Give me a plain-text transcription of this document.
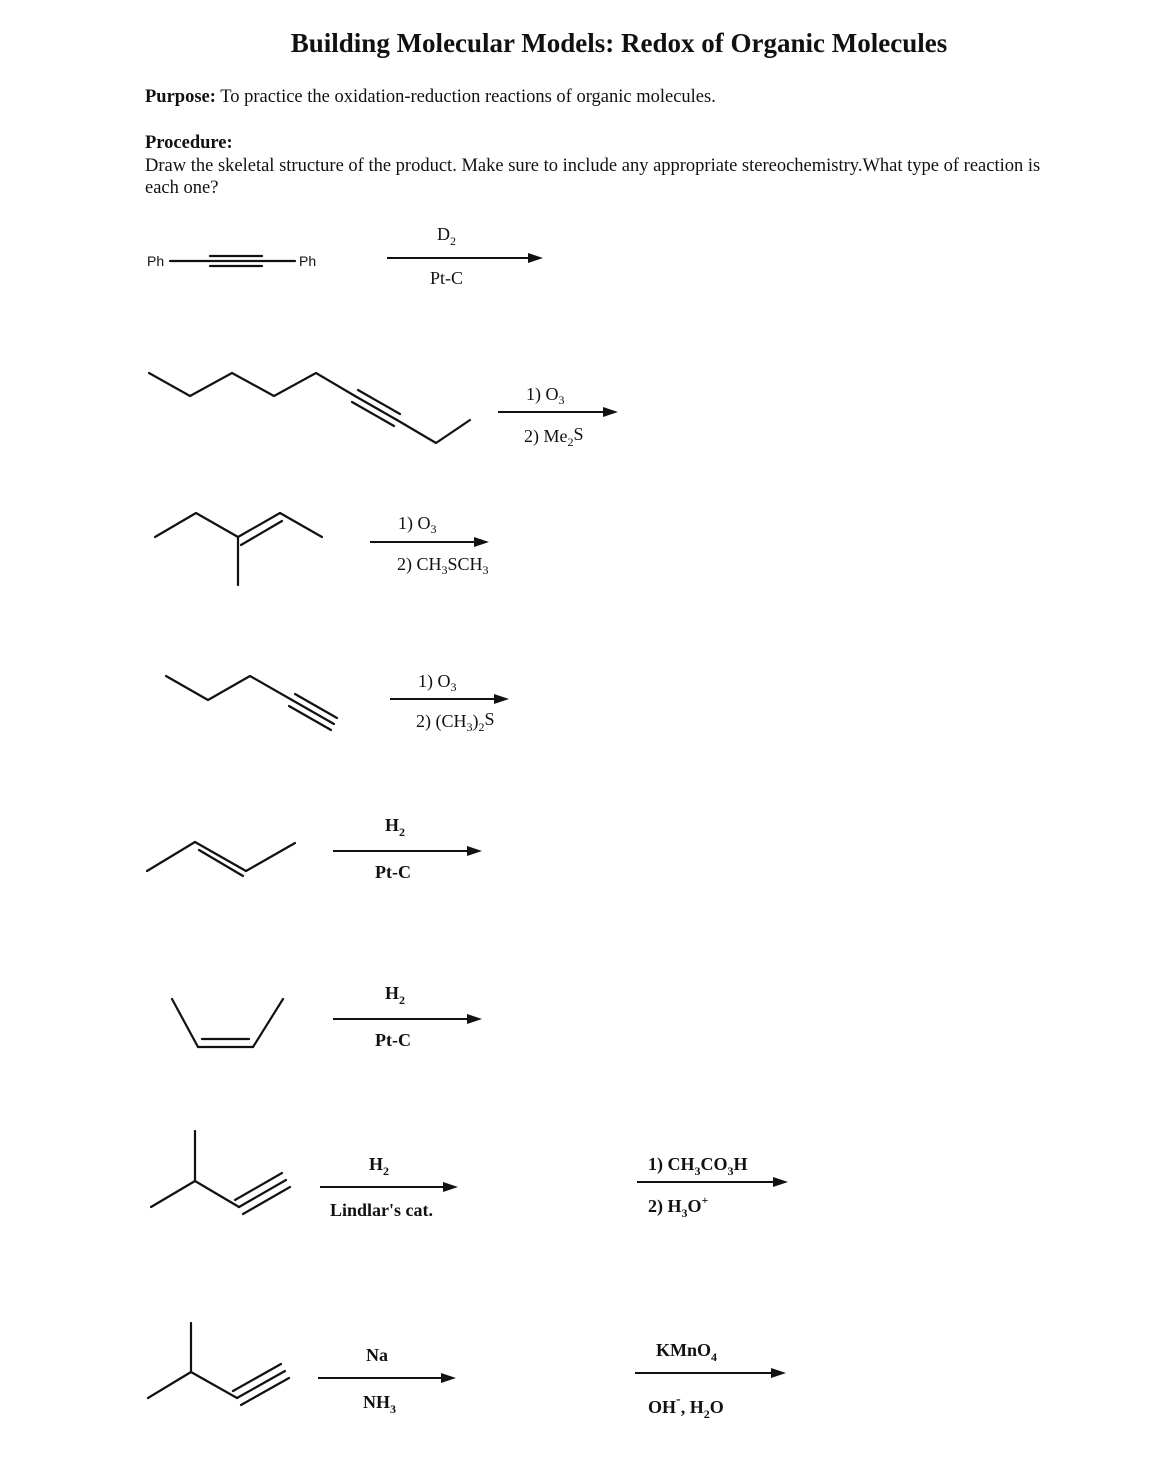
Building Molecular Models: Redox of Organic Molecules
Purpose: To practice the oxidation-reduction reactions of organic molecules.
Procedure:
Draw the skeletal structure of the product. Make sure to include any appropriate stereochemistry.What type of reaction is each one?
Ph	Ph
$D_2$
Pt-C
1) $O_3$
2) $Me_2S$
1) $O_3$
2) $CH_3SCH_3$
1) $O_3$
2) $(CH_3)_2S$
$H_2$
Pt-C
$H_2$
Pt-C
$H_2$
Lindlar's cat.
1) $CH_3CO_3H$
2) $H_3O^+$
Na
$NH_3$
KMnO$_4$
OH-, $H_2O$
